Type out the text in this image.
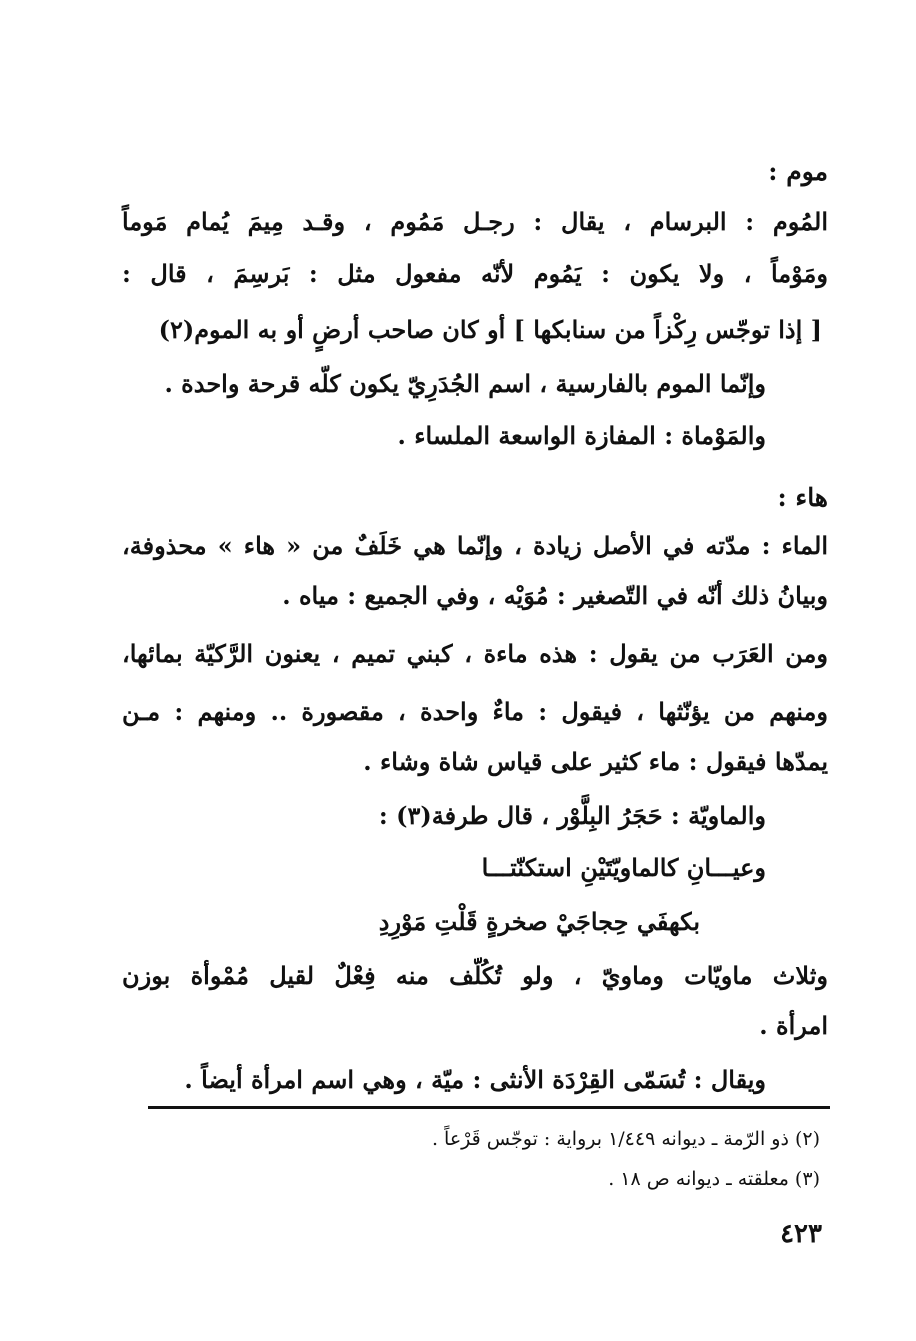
موم :
المُوم : البرسام ، يقال : رجـل مَمُوم ، وقـد مِيمَ يُمام مَوماً
ومَوْماً ، ولا يكون : يَمُوم لأنّه مفعول مثل : بَرسِمَ ، قال :
[ إذا توجّس رِكْزاً من سنابكها ] أو كان صاحب أرضٍ أو به الموم(٢)
وإنّما الموم بالفارسية ، اسم الجُدَرِيّ يكون كلّه قرحة واحدة .
والمَوْماة : المفازة الواسعة الملساء .
هاء :
الماء : مدّته في الأصل زيادة ، وإنّما هي خَلَفٌ من « هاء » محذوفة،
وبيانُ ذلك أنّه في التّصغير : مُوَيْه ، وفي الجميع : مياه .
ومن العَرَب من يقول : هذه ماءة ، كبني تميم ، يعنون الرَّكيّة بمائها،
ومنهم من يؤنّثها ، فيقول : ماءٌ واحدة ، مقصورة .. ومنهم : مـن
يمدّها فيقول : ماء كثير على قياس شاة وشاء .
والماويّة : حَجَرُ البِلَّوْر ، قال طرفة(٣) :
وعيـــانِ كالماويّتَيْنِ استكنّتـــا
بكهفَي حِجاجَيْ صخرةٍ قَلْتِ مَوْرِدِ
وثلاث ماويّات وماويّ ، ولو تُكُلّف منه فِعْلٌ لقيل مُمْوأة بوزن
امرأة .
ويقال : تُسَمّى القِرْدَة الأنثى : ميّة ، وهي اسم امرأة أيضاً .
(٢) ذو الرّمة ـ ديوانه ١/٤٤٩ برواية : توجّس قَرْعاً .
(٣) معلقته ـ ديوانه ص ١٨ .
٤٢٣
